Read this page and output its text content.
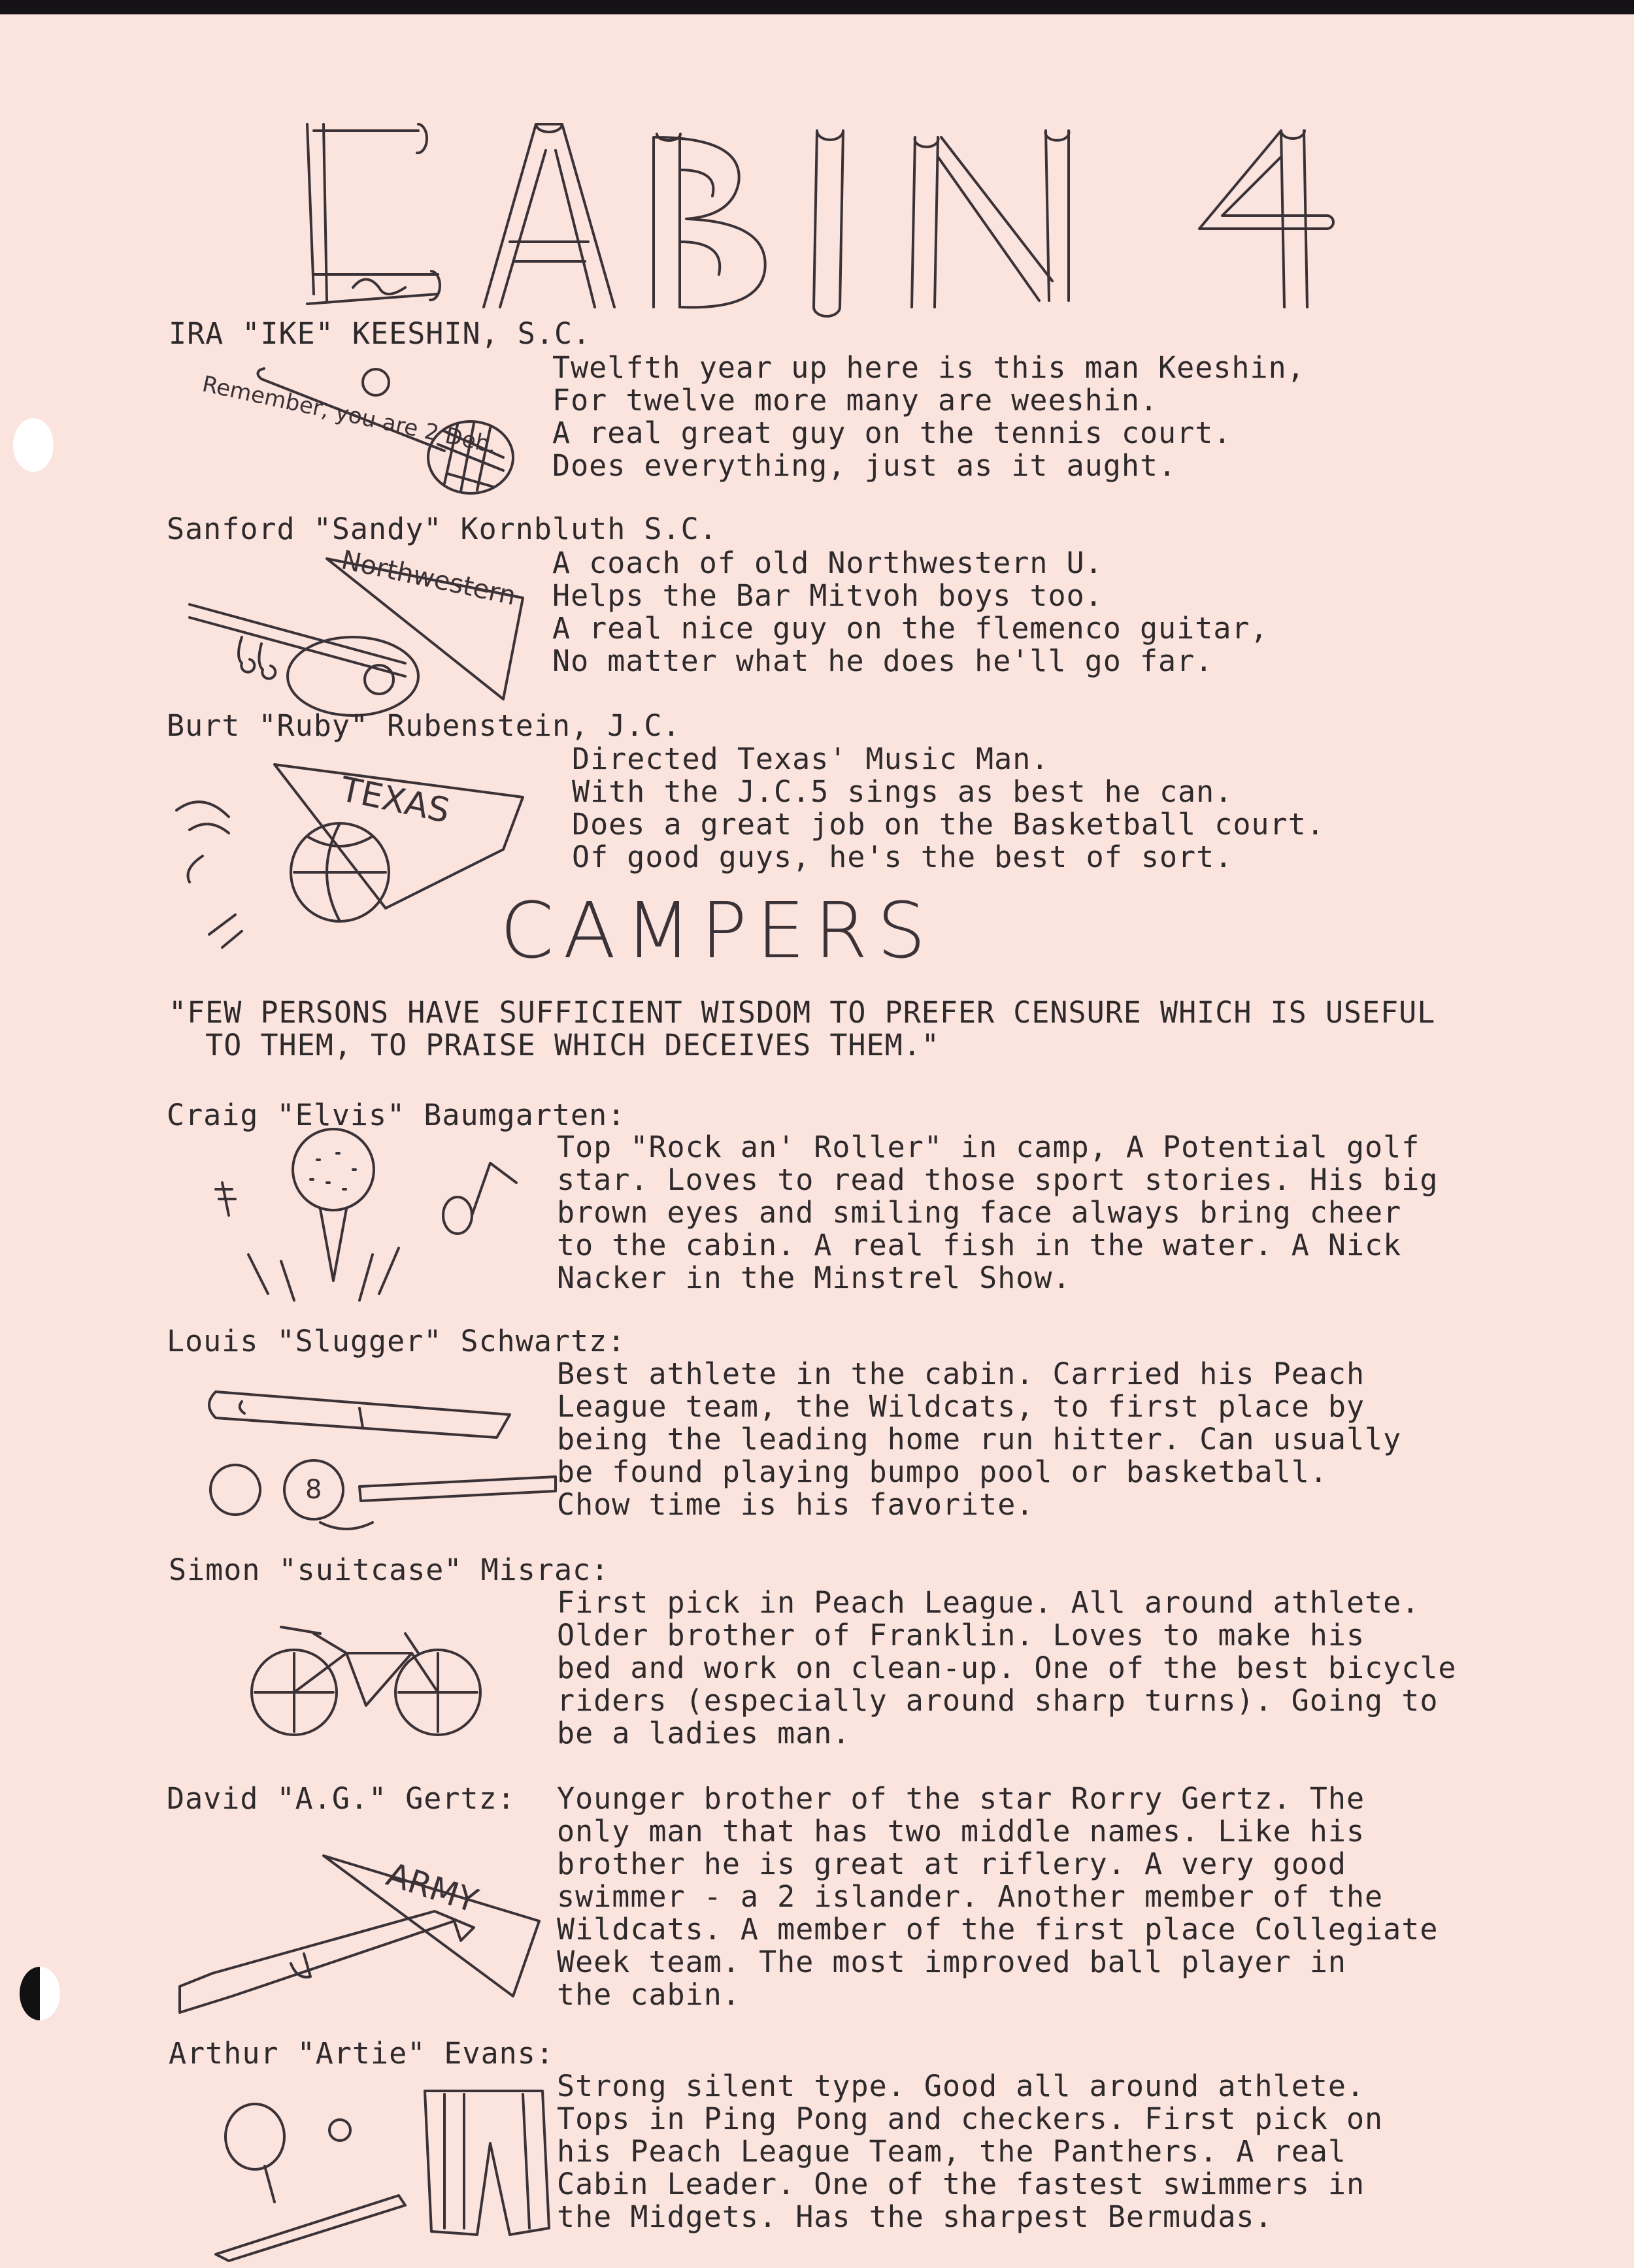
IRA "IKE" KEESHIN, S.C.
Remember, you are 2 Deb.
Twelfth year up here is this man Keeshin,
For twelve more many are weeshin.
A real great guy on the tennis court.
Does everything, just as it aught.
Sanford "Sandy" Kornbluth S.C.
Northwestern A coach of old Northwestern U.
Helps the Bar Mitvoh boys too.
A real nice guy on the flemenco guitar,
No matter what he does he'll go far.
Burt "Ruby" Rubenstein, J.C.
TEXAS
Directed Texas' Music Man.
With the J.C.5 sings as best he can.
Does a great job on the Basketball court.
Of good guys, he's the best of sort.
CAMPERS
"FEW PERSONS HAVE SUFFICIENT WISDOM TO PREFER CENSURE WHICH IS USEFUL
TO THEM, TO PRAISE WHICH DECEIVES THEM."
Craig "Elvis" Baumgarten:
Top "Rock an' Roller" in camp, A Potential golf
star. Loves to read those sport stories. His big
brown eyes and smiling face always bring cheer
to the cabin. A real fish in the water. A Nick
Nacker in the Minstrel Show.
Louis "Slugger" Schwartz:
8
Best athlete in the cabin. Carried his Peach
League team, the Wildcats, to first place by
being the leading home run hitter. Can usually
be found playing bumpo pool or basketball.
Chow time is his favorite.
Simon "suitcase" Misrac:
First pick in Peach League. All around athlete.
Older brother of Franklin. Loves to make his
bed and work on clean-up. One of the best bicycle
riders (especially around sharp turns). Going to
be a ladies man.
David "A.G." Gertz:
ARMY
Younger brother of the star Rorry Gertz. The
only man that has two middle names. Like his
brother he is great at riflery. A very good
swimmer - a 2 islander. Another member of the
Wildcats. A member of the first place Collegiate
Week team. The most improved ball player in
the cabin.
Arthur "Artie" Evans:
Strong silent type. Good all around athlete.
Tops in Ping Pong and checkers. First pick on
his Peach League Team, the Panthers. A real
Cabin Leader. One of the fastest swimmers in
the Midgets. Has the sharpest Bermudas.
